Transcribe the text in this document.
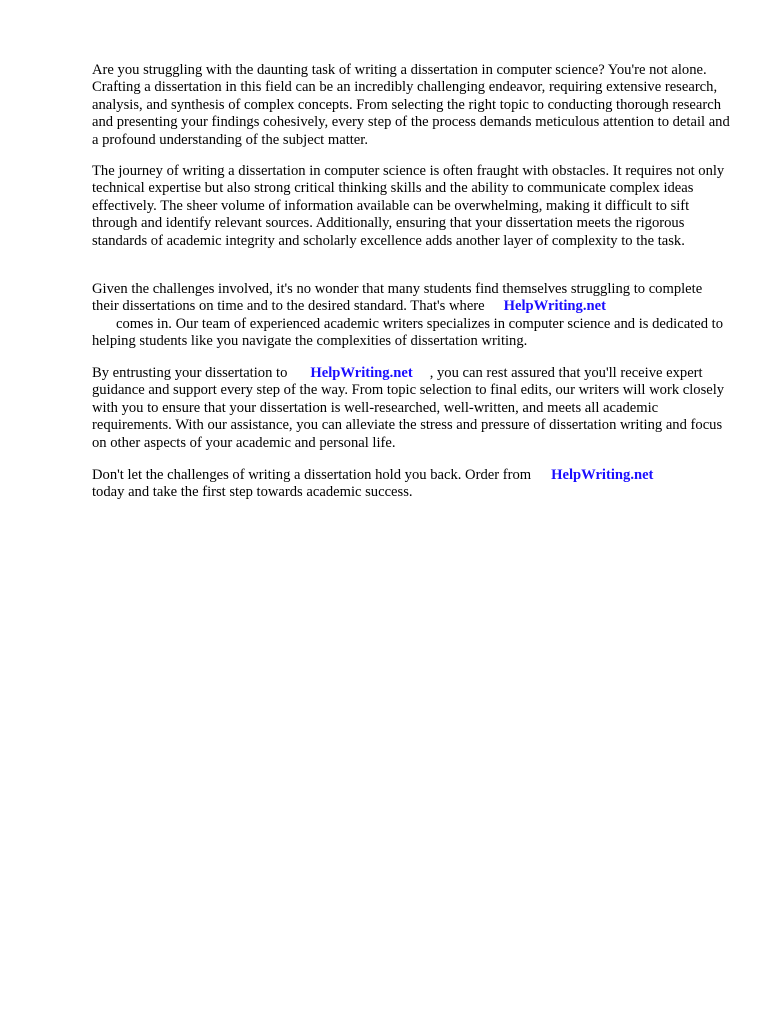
Are you struggling with the daunting task of writing a dissertation in computer science? You're not alone. Crafting a dissertation in this field can be an incredibly challenging endeavor, requiring extensive research, analysis, and synthesis of complex concepts. From selecting the right topic to conducting thorough research and presenting your findings cohesively, every step of the process demands meticulous attention to detail and a profound understanding of the subject matter.

The journey of writing a dissertation in computer science is often fraught with obstacles. It requires not only technical expertise but also strong critical thinking skills and the ability to communicate complex ideas effectively. The sheer volume of information available can be overwhelming, making it difficult to sift through and identify relevant sources. Additionally, ensuring that your dissertation meets the rigorous standards of academic integrity and scholarly excellence adds another layer of complexity to the task.

Given the challenges involved, it's no wonder that many students find themselves struggling to complete their dissertations on time and to the desired standard. That's where HelpWriting.net
comes in. Our team of experienced academic writers specializes in computer science and is dedicated to helping students like you navigate the complexities of dissertation writing.

By entrusting your dissertation to HelpWriting.net , you can rest assured that you'll receive expert guidance and support every step of the way. From topic selection to final edits, our writers will work closely with you to ensure that your dissertation is well-researched, well-written, and meets all academic requirements. With our assistance, you can alleviate the stress and pressure of dissertation writing and focus on other aspects of your academic and personal life.

Don't let the challenges of writing a dissertation hold you back. Order from HelpWriting.net
today and take the first step towards academic success.
